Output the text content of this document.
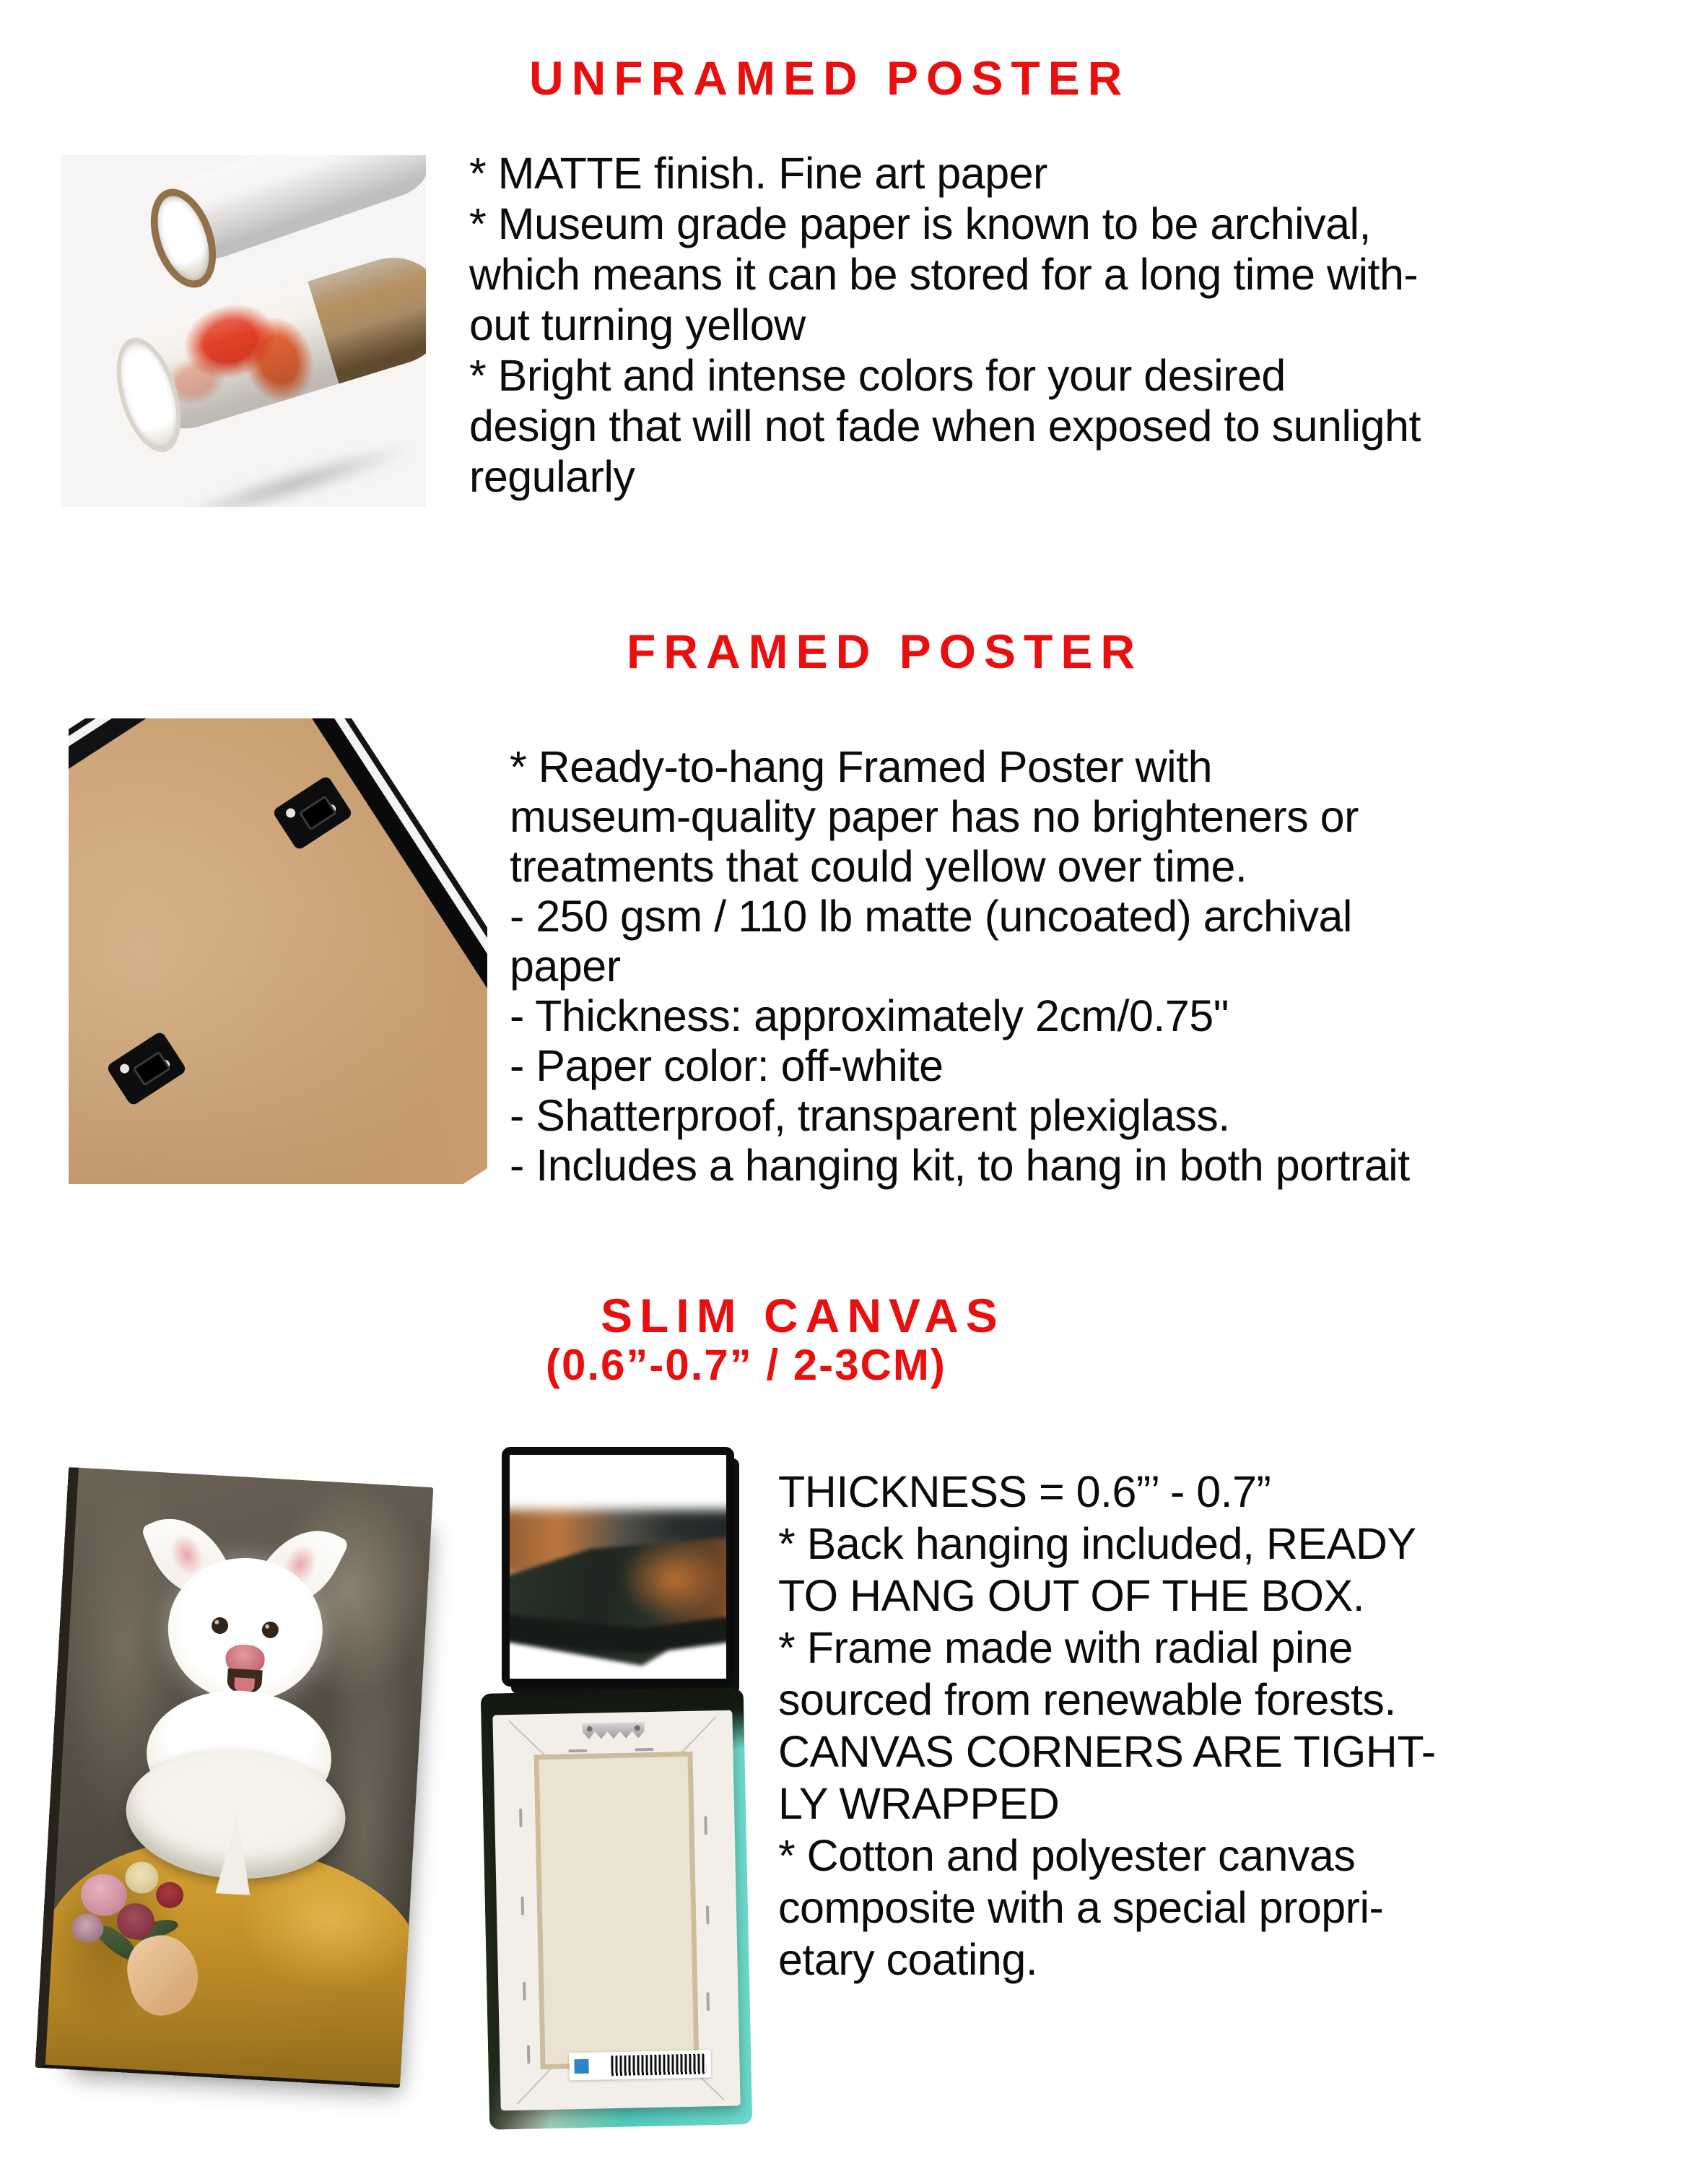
UNFRAMED POSTER
* MATTE finish. Fine art paper
* Museum grade paper is known to be archival,
which means it can be stored for a long time with-
out turning yellow
* Bright and intense colors for your desired
design that will not fade when exposed to sunlight
regularly
FRAMED POSTER
* Ready-to-hang Framed Poster with
museum-quality paper has no brighteners or
treatments that could yellow over time.
- 250 gsm / 110 lb matte (uncoated) archival
paper
- Thickness: approximately 2cm/0.75"
- Paper color: off-white
- Shatterproof, transparent plexiglass.
- Includes a hanging kit, to hang in both portrait
SLIM CANVAS
(0.6”-0.7” / 2-3CM)
THICKNESS = 0.6”’ - 0.7”
* Back hanging included, READY
TO HANG OUT OF THE BOX.
* Frame made with radial pine
sourced from renewable forests.
CANVAS CORNERS ARE TIGHT-
LY WRAPPED
* Cotton and polyester canvas
composite with a special propri-
etary coating.
